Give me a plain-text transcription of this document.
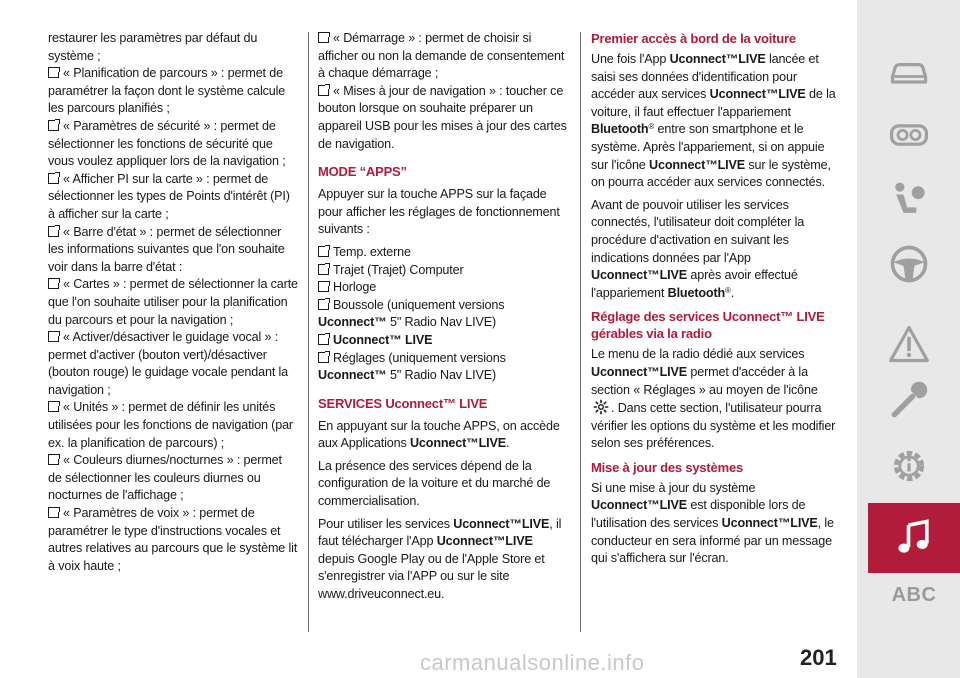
restaurer les paramètres par défaut du système ;
« Planification de parcours » : permet de paramétrer la façon dont le système calcule les parcours planifiés ;
« Paramètres de sécurité » : permet de sélectionner les fonctions de sécurité que vous voulez appliquer lors de la navigation ;
« Afficher PI sur la carte » : permet de sélectionner les types de Points d'intérêt (PI) à afficher sur la carte ;
« Barre d'état » : permet de sélectionner les informations suivantes que l'on souhaite voir dans la barre d'état :
« Cartes » : permet de sélectionner la carte que l'on souhaite utiliser pour la planification du parcours et pour la navigation ;
« Activer/désactiver le guidage vocal » : permet d'activer (bouton vert)/désactiver (bouton rouge) le guidage vocale pendant la navigation ;
« Unités » : permet de définir les unités utilisées pour les fonctions de navigation (par ex. la planification de parcours) ;
« Couleurs diurnes/nocturnes » : permet de sélectionner les couleurs diurnes ou nocturnes de l'affichage ;
« Paramètres de voix » : permet de paramétrer le type d'instructions vocales et autres relatives au parcours que le système lit à voix haute ;
« Démarrage » : permet de choisir si afficher ou non la demande de consentement à chaque démarrage ;
« Mises à jour de navigation » : toucher ce bouton lorsque on souhaite préparer un appareil USB pour les mises à jour des cartes de navigation.
MODE “APPS”

Appuyer sur la touche APPS sur la façade pour afficher les réglages de fonctionnement suivants :

Temp. externe
Trajet (Trajet) Computer
Horloge
Boussole (uniquement versions Uconnect™ 5" Radio Nav LIVE)
Uconnect™ LIVE
Réglages (uniquement versions Uconnect™ 5" Radio Nav LIVE)
SERVICES Uconnect™ LIVE

En appuyant sur la touche APPS, on accède aux Applications Uconnect™LIVE.

La présence des services dépend de la configuration de la voiture et du marché de commercialisation.

Pour utiliser les services Uconnect™LIVE, il faut télécharger l'App Uconnect™LIVE depuis Google Play ou de l'Apple Store et s'enregistrer via l'APP ou sur le site www.driveuconnect.eu.

Premier accès à bord de la voiture

Une fois l'App Uconnect™LIVE lancée et saisi ses données d'identification pour accéder aux services Uconnect™LIVE de la voiture, il faut effectuer l'appariement Bluetooth® entre son smartphone et le système. Après l'appariement, si on appuie sur l'icône Uconnect™LIVE sur le système, on pourra accéder aux services connectés.

Avant de pouvoir utiliser les services connectés, l'utilisateur doit compléter la procédure d'activation en suivant les indications données par l'App Uconnect™LIVE après avoir effectué l'appariement Bluetooth®.

Réglage des services Uconnect™ LIVE gérables via la radio

Le menu de la radio dédié aux services Uconnect™LIVE permet d'accéder à la section « Réglages » au moyen de l'icône . Dans cette section, l'utilisateur pourra vérifier les options du système et les modifier selon ses préférences.

Mise à jour des systèmes

Si une mise à jour du système Uconnect™LIVE est disponible lors de l'utilisation des services Uconnect™LIVE, le conducteur en sera informé par un message qui s'affichera sur l'écran.

ABC
carmanualsonline.info	201
